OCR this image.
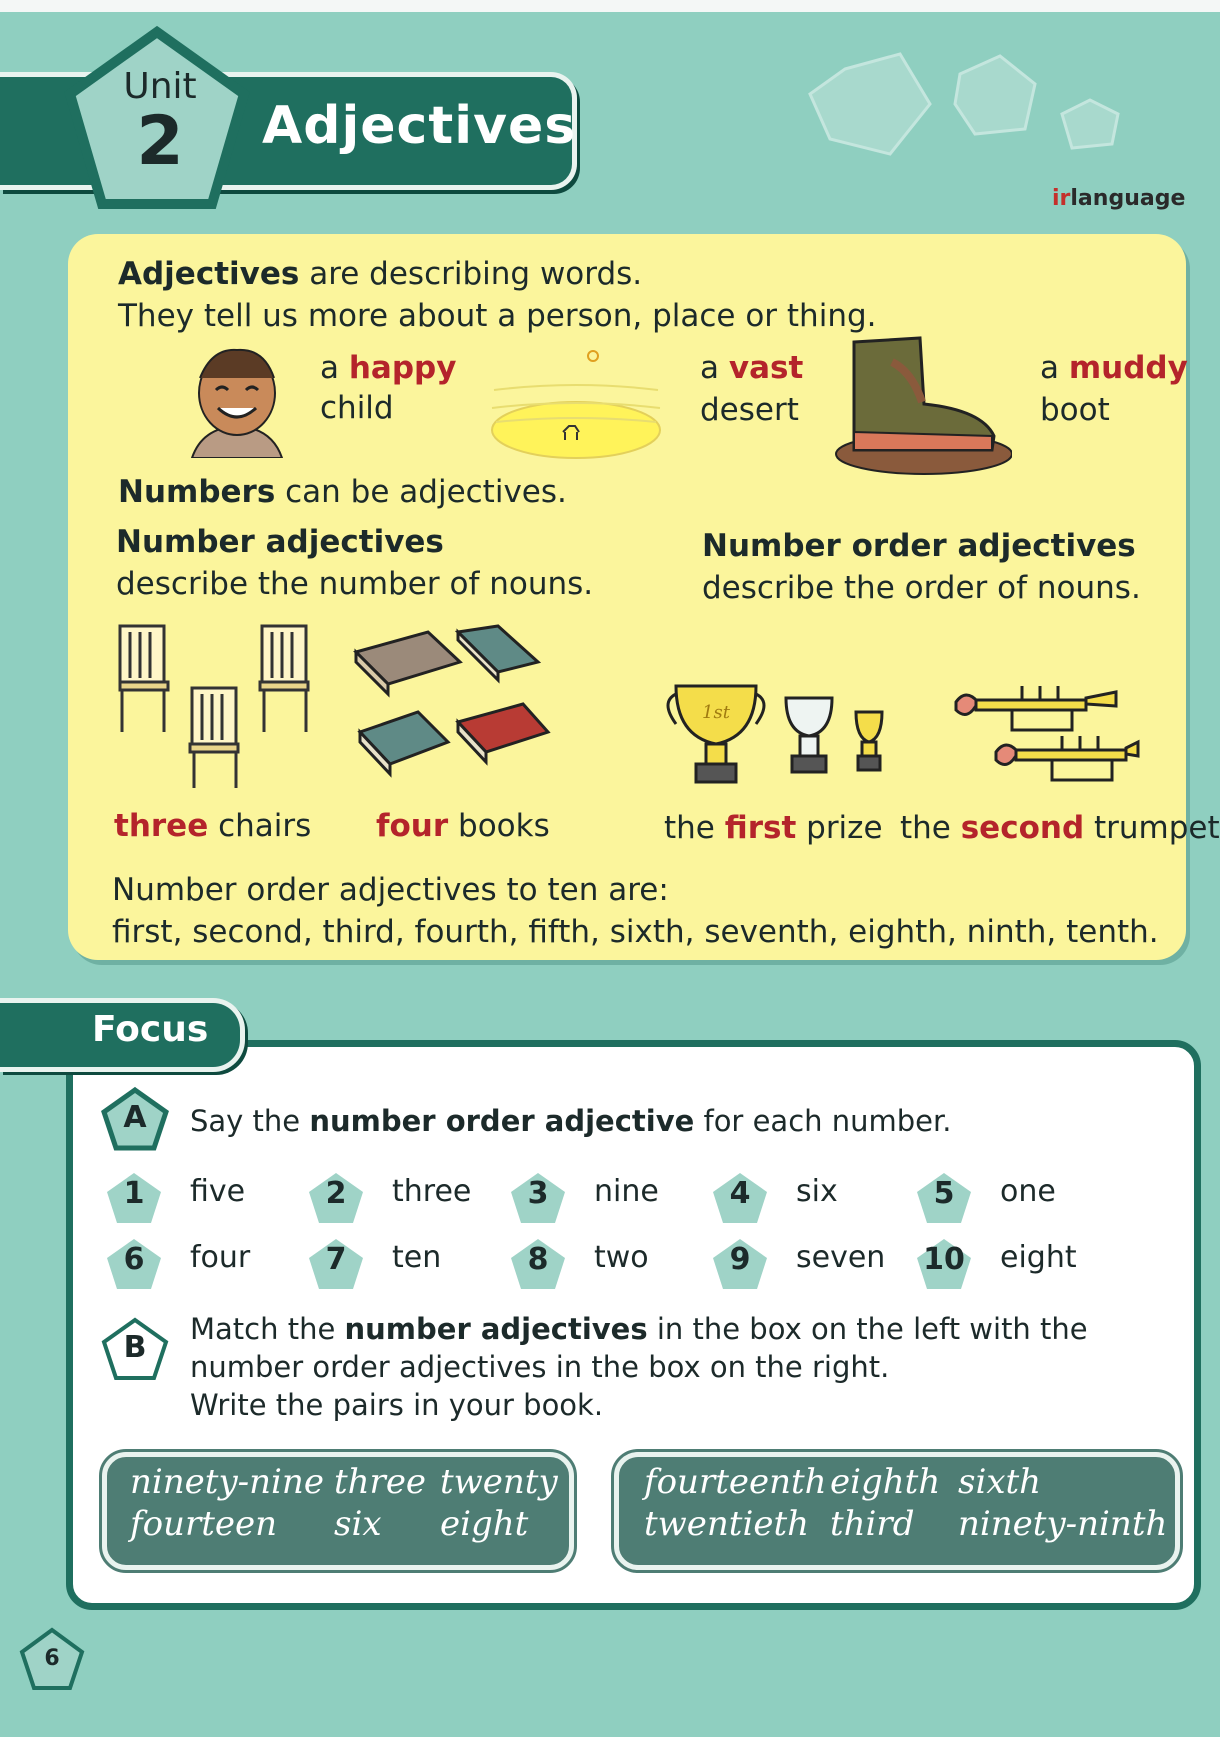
Adjectives
Unit
2
irlanguage
Adjectives are describing words.
They tell us more about a person, place or thing.
a happy
child
a vast
desert
a muddy
boot
Numbers can be adjectives.
Number adjectives
describe the number of nouns.
Number order adjectives
describe the order of nouns.
1st
three chairs four books	the first prize the second trumpet
Number order adjectives to ten are:
first, second, third, fourth, fifth, sixth, seventh, eighth, ninth, tenth.
Focus
A	Say the number order adjective for each number.
1	five	2	three	3	nine	4	six	5	one
6	four	7	ten	8	two	9	seven	10	eight
B
Match the number adjectives in the box on the left with the
number order adjectives in the box on the right.
Write the pairs in your book.
ninety-nine three twenty
fourteen six eight
fourteenth eighth sixth
twentieth third ninety-ninth
6
